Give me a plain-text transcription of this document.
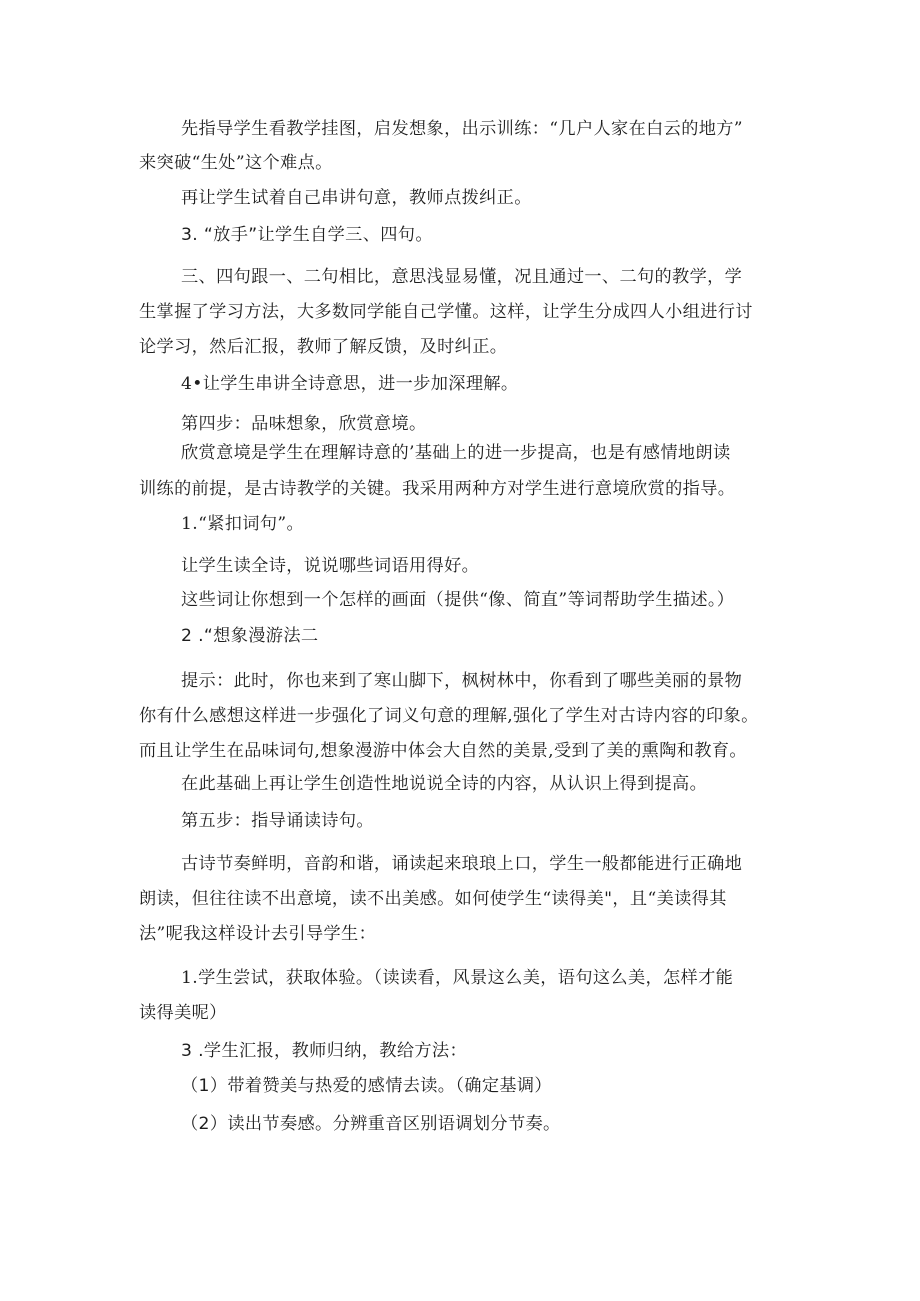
先指导学生看教学挂图，启发想象，出示训练：“几户人家在白云的地方”
来突破“生处”这个难点。
再让学生试着自己串讲句意，教师点拨纠正。
3. “放手”让学生自学三、四句。
三、四句跟一、二句相比，意思浅显易懂，况且通过一、二句的教学，学
生掌握了学习方法，大多数同学能自己学懂。这样，让学生分成四人小组进行讨
论学习，然后汇报，教师了解反馈，及时纠正。
4•让学生串讲全诗意思，进一步加深理解。
第四步：品味想象，欣赏意境。
欣赏意境是学生在理解诗意的’基础上的进一步提高，也是有感情地朗读
训练的前提，是古诗教学的关键。我采用两种方对学生进行意境欣赏的指导。
1.“紧扣词句”。
让学生读全诗，说说哪些词语用得好。
这些词让你想到一个怎样的画面（提供“像、简直”等词帮助学生描述。）
2 .“想象漫游法二
提示：此时，你也来到了寒山脚下，枫树林中，你看到了哪些美丽的景物
你有什么感想这样进一步强化了词义句意的理解,强化了学生对古诗内容的印象。
而且让学生在品味词句,想象漫游中体会大自然的美景,受到了美的熏陶和教育。
在此基础上再让学生创造性地说说全诗的内容，从认识上得到提高。
第五步：指导诵读诗句。
古诗节奏鲜明，音韵和谐，诵读起来琅琅上口，学生一般都能进行正确地
朗读，但往往读不出意境，读不出美感。如何使学生“读得美"，且“美读得其
法”呢我这样设计去引导学生：
1.学生尝试，获取体验。（读读看，风景这么美，语句这么美，怎样才能
读得美呢）
3 .学生汇报，教师归纳，教给方法：
（1）带着赞美与热爱的感情去读。（确定基调）
（2）读出节奏感。分辨重音区别语调划分节奏。
